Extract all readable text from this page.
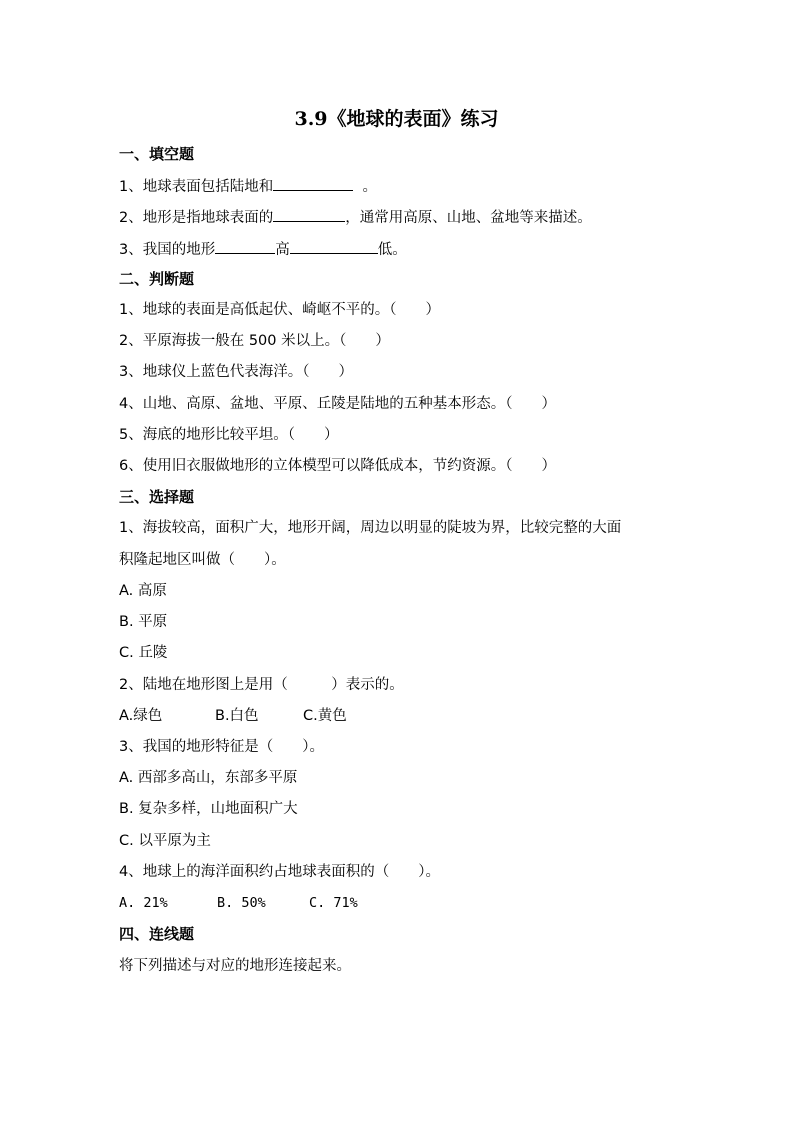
3.9《地球的表面》练习
一、填空题
1、地球表面包括陆地和	。
2、地形是指地球表面的	，通常用高原、山地、盆地等来描述。
3、我国的地形	高	低。
二、判断题
1、地球的表面是高低起伏、崎岖不平的。（　　）
2、平原海拔一般在 500 米以上。（　　）
3、地球仪上蓝色代表海洋。（　　）
4、山地、高原、盆地、平原、丘陵是陆地的五种基本形态。（　　）
5、海底的地形比较平坦。（　　）
6、使用旧衣服做地形的立体模型可以降低成本，节约资源。（　　）
三、选择题
1、海拔较高，面积广大，地形开阔，周边以明显的陡坡为界，比较完整的大面
积隆起地区叫做（　　）。
A. 高原
B. 平原
C. 丘陵
2、陆地在地形图上是用（　　　）表示的。
A.绿色	B.白色	C.黄色
3、我国的地形特征是（　　）。
A. 西部多高山，东部多平原
B. 复杂多样，山地面积广大
C. 以平原为主
4、地球上的海洋面积约占地球表面积的（　　）。
A. 21%	B. 50%	C. 71%
四、连线题
将下列描述与对应的地形连接起来。
